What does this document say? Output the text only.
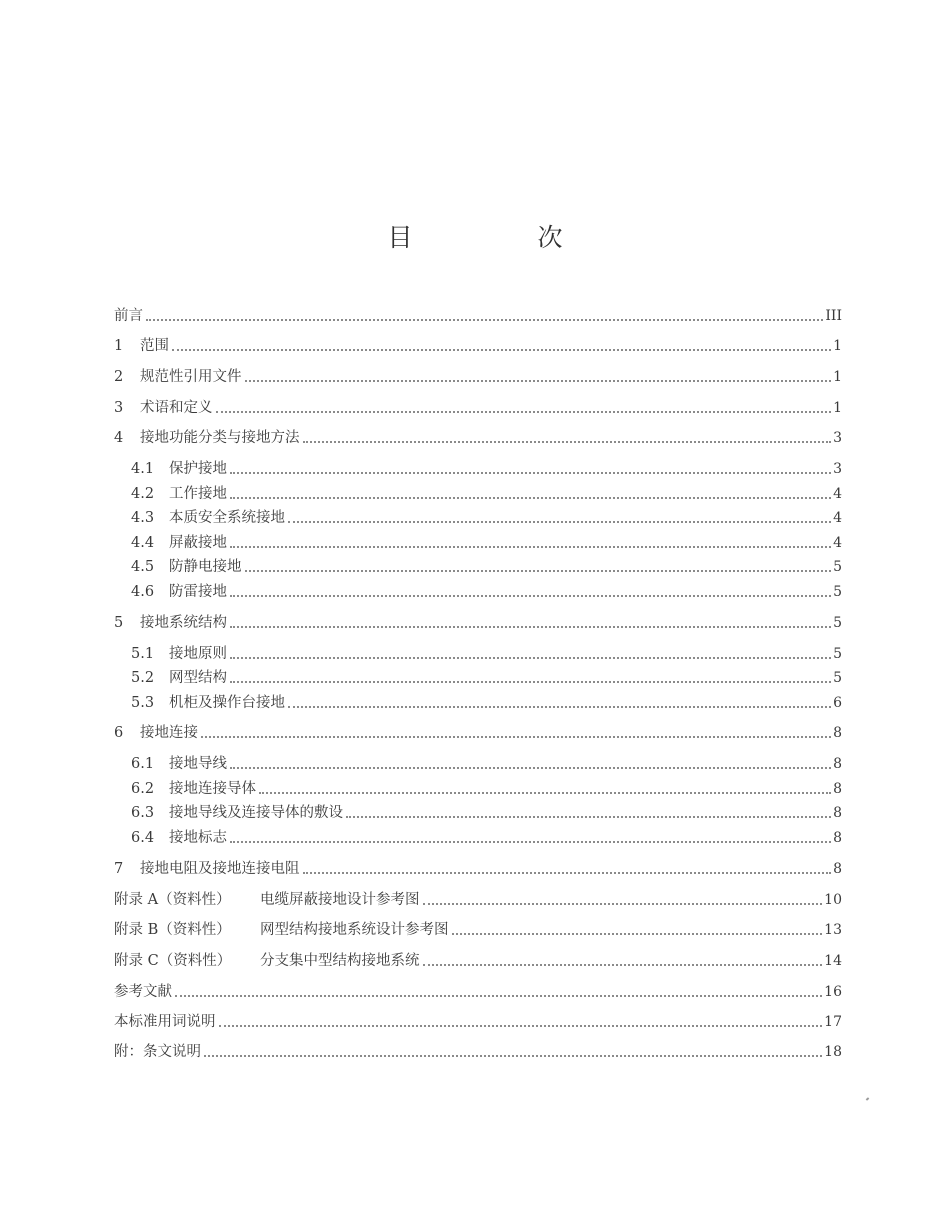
目　次
前言	III
1	范围	1
2	规范性引用文件	1
3	术语和定义	1
4	接地功能分类与接地方法	3
4.1	保护接地	3
4.2	工作接地	4
4.3	本质安全系统接地	4
4.4	屏蔽接地	4
4.5	防静电接地	5
4.6	防雷接地	5
5	接地系统结构	5
5.1	接地原则	5
5.2	网型结构	5
5.3	机柜及操作台接地	6
6	接地连接	8
6.1	接地导线	8
6.2	接地连接导体	8
6.3	接地导线及连接导体的敷设	8
6.4	接地标志	8
7	接地电阻及接地连接电阻	8
附录 A（资料性）	电缆屏蔽接地设计参考图	10
附录 B（资料性）	网型结构接地系统设计参考图	13
附录 C（资料性）	分支集中型结构接地系统	14
参考文献	16
本标准用词说明	17
附：条文说明	18
